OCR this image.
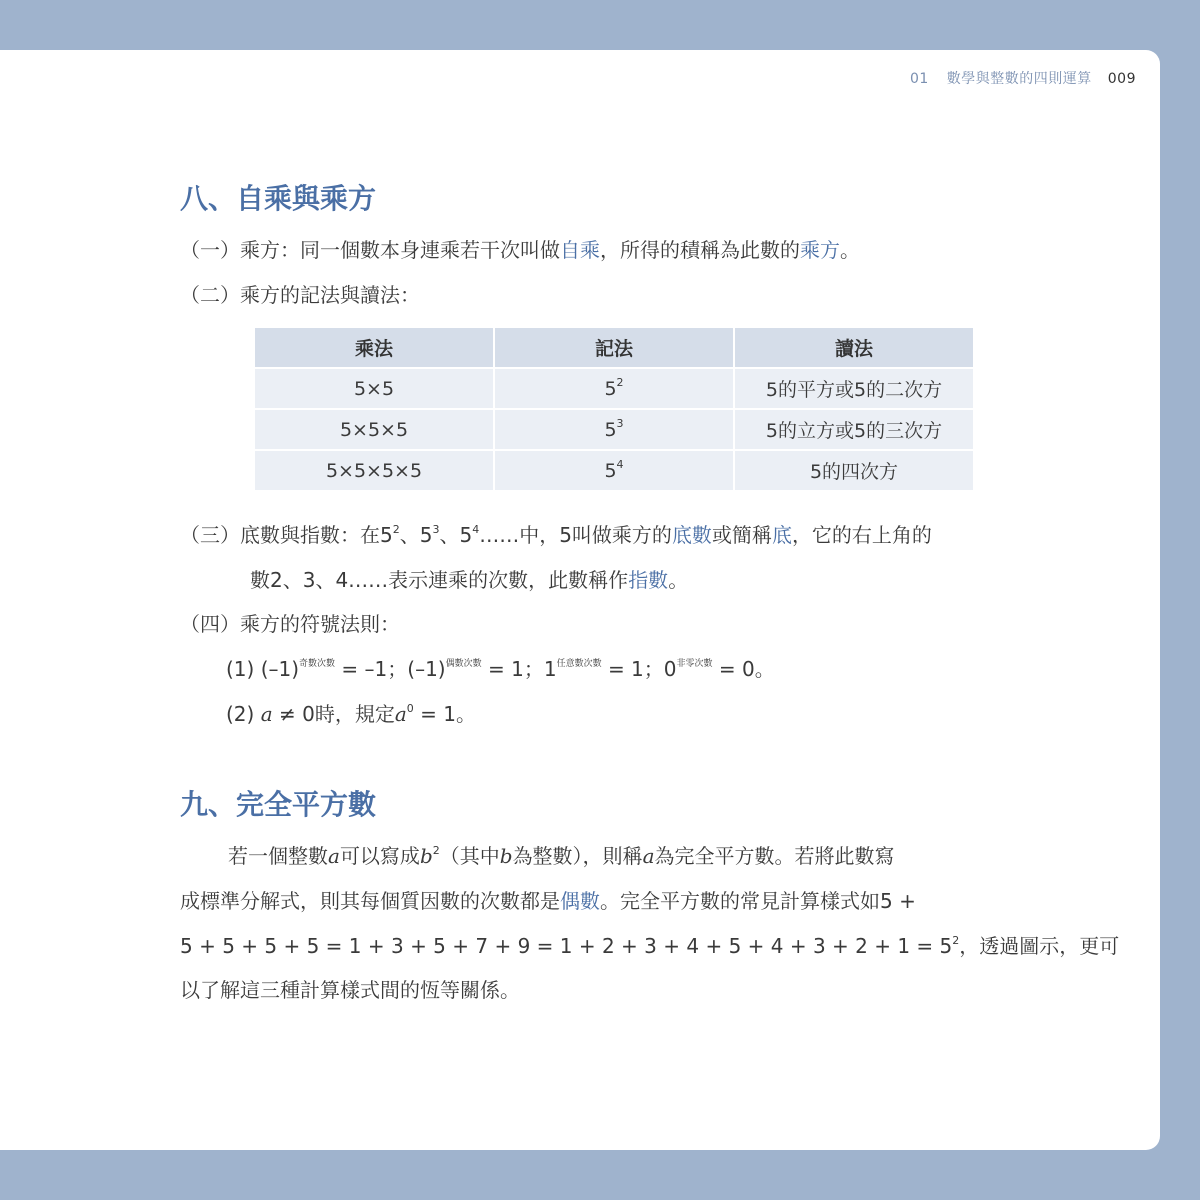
01 數學與整數的四則運算 009
八、自乘與乘方
（一）乘方：同一個數本身連乘若干次叫做自乘，所得的積稱為此數的乘方。
（二）乘方的記法與讀法：
乘法	記法	讀法
5×5	$5^2$	5的平方或5的二次方
5×5×5	$5^3$	5的立方或5的三次方
5×5×5×5	$5^4$	5的四次方
（三）底數與指數：在$5^2$、$5^3$、$5^4\dots\dots$中，5叫做乘方的底數或簡稱底，它的右上角的
數2、3、4……表示連乘的次數，此數稱作指數。
（四）乘方的符號法則：
(1) $(-1)^{奇數次數} = -1$；$(-1)^{偶數次數} = 1$；$1^{任意數次數} = 1$；$0^{非零次數} = 0$。
(2) a ≠ 0時，規定$a^0 = 1$。
九、完全平方數
若一個整數a可以寫成$b^2$（其中b為整數），則稱a為完全平方數。若將此數寫
成標準分解式，則其每個質因數的次數都是偶數。完全平方數的常見計算樣式如5 +
$5 + 5 + 5 + 5 = 1 + 3 + 5 + 7 + 9 = 1 + 2 + 3 + 4 + 5 + 4 + 3 + 2 + 1 = 5^2$，透過圖示，更可
以了解這三種計算樣式間的恆等關係。
